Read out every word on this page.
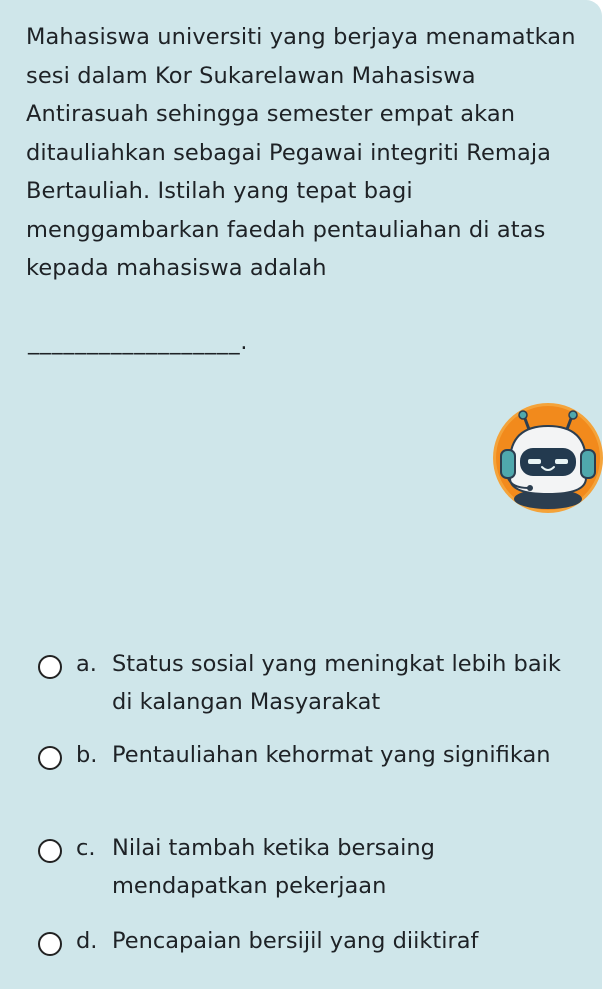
Mahasiswa universiti yang berjaya menamatkan sesi dalam Kor Sukarelawan Mahasiswa Antirasuah sehingga semester empat akan ditauliahkan sebagai Pegawai integriti Remaja Bertauliah. Istilah yang tepat bagi menggambarkan faedah pentauliahan di atas kepada mahasiswa adalah
__________________.
a. Status sosial yang meningkat lebih baik di kalangan Masyarakat
b. Pentauliahan kehormat yang signifikan
c. Nilai tambah ketika bersaing mendapatkan pekerjaan
d. Pencapaian bersijil yang diiktiraf
